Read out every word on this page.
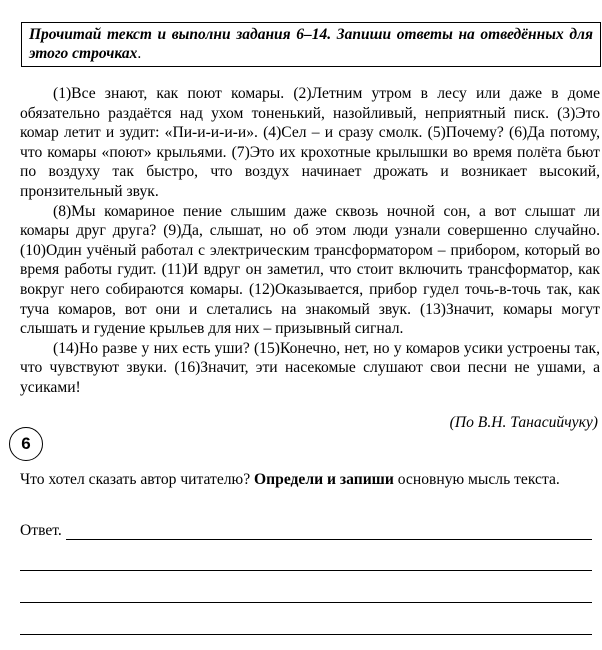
Прочитай текст и выполни задания 6–14. Запиши ответы на отведённых для этого строчках.

(1)Все знают, как поют комары. (2)Летним утром в лесу или даже в доме обязательно раздаётся над ухом тоненький, назойливый, неприятный писк. (3)Это комар летит и зудит: «Пи-и-и-и-и». (4)Сел – и сразу смолк. (5)Почему? (6)Да потому, что комары «поют» крыльями. (7)Это их крохотные крылышки во время полёта бьют по воздуху так быстро, что воздух начинает дрожать и возникает высокий, пронзительный звук.

(8)Мы комариное пение слышим даже сквозь ночной сон, а вот слышат ли комары друг друга? (9)Да, слышат, но об этом люди узнали совершенно случайно. (10)Один учёный работал с электрическим трансформатором – прибором, который во время работы гудит. (11)И вдруг он заметил, что стоит включить трансформатор, как вокруг него собираются комары. (12)Оказывается, прибор гудел точь-в-точь так, как туча комаров, вот они и слетались на знакомый звук. (13)Значит, комары могут слышать и гудение крыльев для них – призывный сигнал.

(14)Но разве у них есть уши? (15)Конечно, нет, но у комаров усики устроены так, что чувствуют звуки. (16)Значит, эти насекомые слушают свои песни не ушами, а усиками!

(По В.Н. Танасийчуку)
6
Что хотел сказать автор читателю? Определи и запиши основную мысль текста.
Ответ.
